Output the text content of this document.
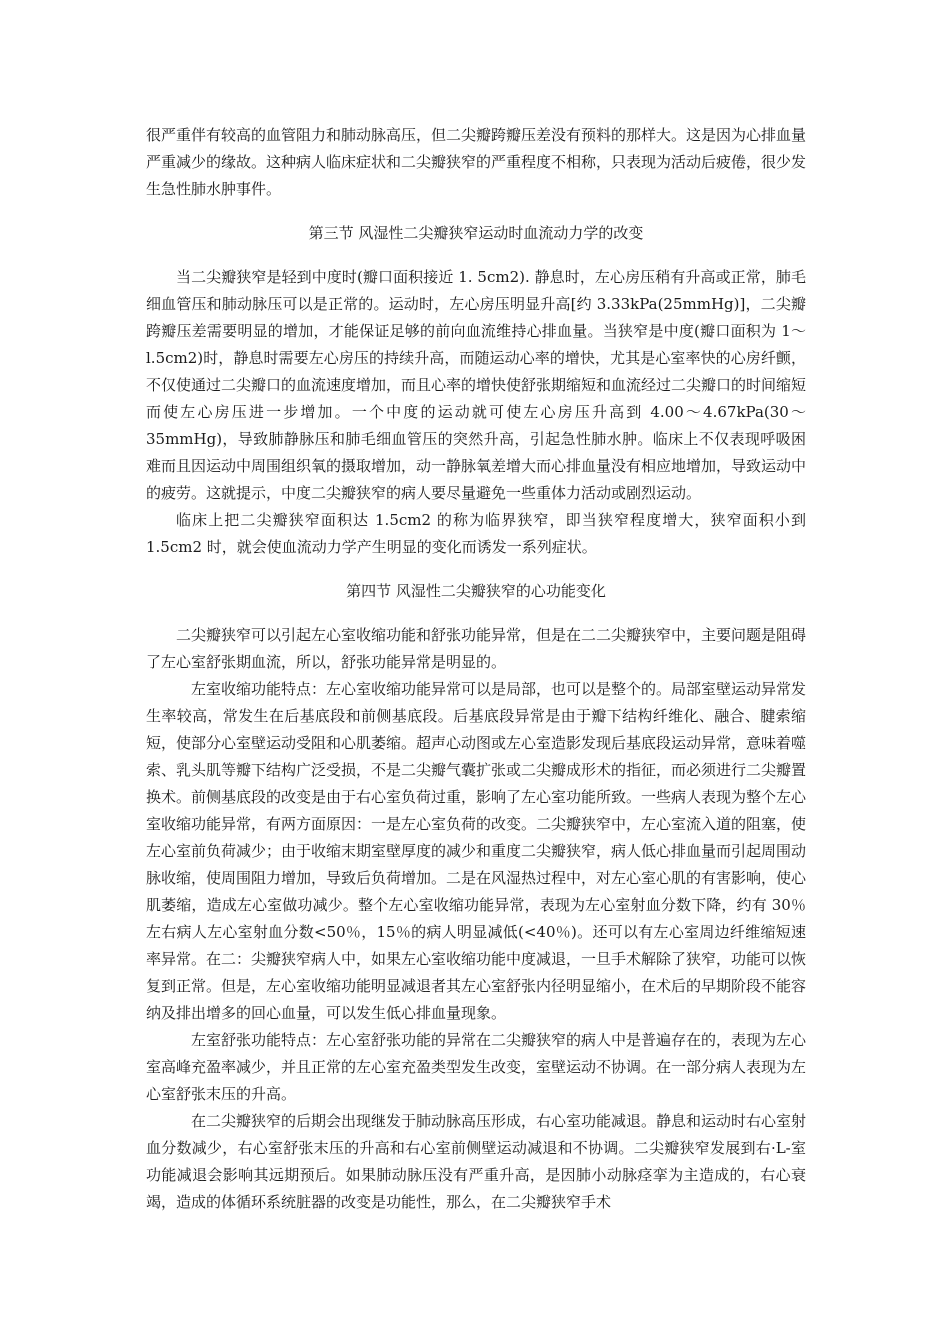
很严重伴有较高的血管阻力和肺动脉高压，但二尖瓣跨瓣压差没有预料的那样大。这是因为心排血量严重减少的缘故。这种病人临床症状和二尖瓣狭窄的严重程度不相称，只表现为活动后疲倦，很少发生急性肺水肿事件。

第三节 风湿性二尖瓣狭窄运动时血流动力学的改变

当二尖瓣狭窄是轻到中度时(瓣口面积接近 1. 5cm2). 静息时，左心房压稍有升高或正常，肺毛细血管压和肺动脉压可以是正常的。运动时，左心房压明显升高[约 3.33kPa(25mmHg)]，二尖瓣跨瓣压差需要明显的增加，才能保证足够的前向血流维持心排血量。当狭窄是中度(瓣口面积为 1～l.5cm2)时，静息时需要左心房压的持续升高，而随运动心率的增快，尤其是心室率快的心房纤颤，不仅使通过二尖瓣口的血流速度增加，而且心率的增快使舒张期缩短和血流经过二尖瓣口的时间缩短而使左心房压进一步增加。一个中度的运动就可使左心房压升高到 4.00～4.67kPa(30～35mmHg)，导致肺静脉压和肺毛细血管压的突然升高，引起急性肺水肿。临床上不仅表现呼吸困难而且因运动中周围组织氧的摄取增加，动一静脉氧差增大而心排血量没有相应地增加，导致运动中的疲劳。这就提示，中度二尖瓣狭窄的病人要尽量避免一些重体力活动或剧烈运动。

临床上把二尖瓣狭窄面积达 1.5cm2 的称为临界狭窄，即当狭窄程度增大，狭窄面积小到 1.5cm2 时，就会使血流动力学产生明显的变化而诱发一系列症状。

第四节 风湿性二尖瓣狭窄的心功能变化

二尖瓣狭窄可以引起左心室收缩功能和舒张功能异常，但是在二二尖瓣狭窄中，主要问题是阻碍了左心室舒张期血流，所以，舒张功能异常是明显的。

左室收缩功能特点：左心室收缩功能异常可以是局部，也可以是整个的。局部室壁运动异常发生率较高，常发生在后基底段和前侧基底段。后基底段异常是由于瓣下结构纤维化、融合、腱索缩短，使部分心室壁运动受阻和心肌萎缩。超声心动图或左心室造影发现后基底段运动异常，意味着噬索、乳头肌等瓣下结构广泛受损，不是二尖瓣气囊扩张或二尖瓣成形术的指征，而必须进行二尖瓣置换术。前侧基底段的改变是由于右心室负荷过重，影响了左心室功能所致。一些病人表现为整个左心室收缩功能异常，有两方面原因：一是左心室负荷的改变。二尖瓣狭窄中，左心室流入道的阻塞，使左心室前负荷减少；由于收缩末期室壁厚度的减少和重度二尖瓣狭窄，病人低心排血量而引起周围动脉收缩，使周围阻力增加，导致后负荷增加。二是在风湿热过程中，对左心室心肌的有害影响，使心肌萎缩，造成左心室做功减少。整个左心室收缩功能异常，表现为左心室射血分数下降，约有 30％左右病人左心室射血分数<50％，15％的病人明显减低(<40％)。还可以有左心室周边纤维缩短速率异常。在二：尖瓣狭窄病人中，如果左心室收缩功能中度减退，一旦手术解除了狭窄，功能可以恢复到正常。但是，左心室收缩功能明显减退者其左心室舒张内径明显缩小，在术后的早期阶段不能容纳及排出增多的回心血量，可以发生低心排血量现象。

左室舒张功能特点：左心室舒张功能的异常在二尖瓣狭窄的病人中是普遍存在的，表现为左心室高峰充盈率减少，并且正常的左心室充盈类型发生改变，室壁运动不协调。在一部分病人表现为左心室舒张末压的升高。

在二尖瓣狭窄的后期会出现继发于肺动脉高压形成，右心室功能减退。静息和运动时右心室射血分数减少，右心室舒张末压的升高和右心室前侧壁运动减退和不协调。二尖瓣狭窄发展到右·L-室功能减退会影响其远期预后。如果肺动脉压没有严重升高，是因肺小动脉痉挛为主造成的，右心衰竭，造成的体循环系统脏器的改变是功能性，那么，在二尖瓣狭窄手术
